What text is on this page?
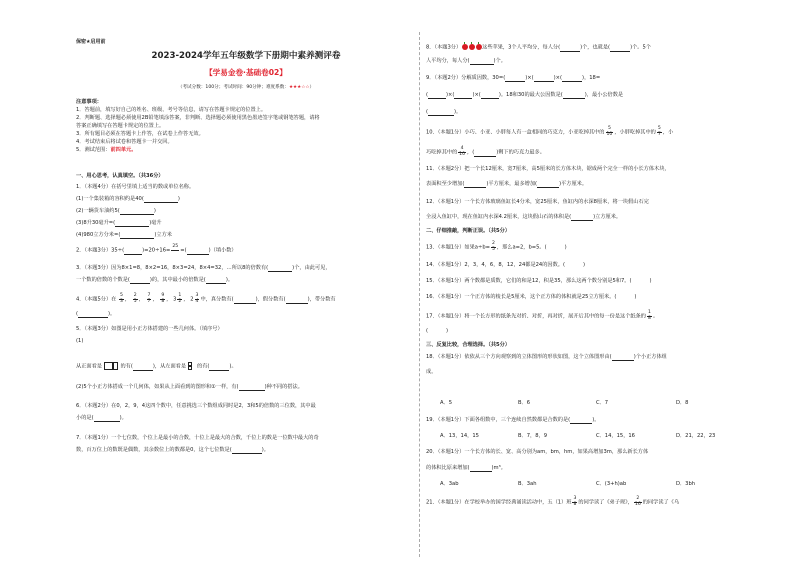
保密★启用前
2023-2024学年五年级数学下册期中素养测评卷
【学易金卷·基础卷02】
（考试分数：100分；考试时间：90分钟；难度系数：★★★☆☆）
注意事项：
1．答题前，填写好自己的姓名、班级、考号等信息，请写在答题卡规定的位置上。
2．判断题、选择题必须使用2B铅笔填涂答案，非判断、选择题必须使用黑色墨迹签字笔或钢笔答题，请将
答案正确填写在答题卡规定的位置上。
3．所有题目必须在答题卡上作答，在试卷上作答无效。
4．考试结束后将试卷和答题卡一并交回。
5．测试范围：前四单元。
一、用心思考，认真填空。（共36分）
1．（本题4分）在括号里填上适当的数或单位名称。
(1)一个集装箱的容积约是40(	)
(2)一辆货车油约5(	)
(3)8升30毫升=(	)毫升
(4)980立方分米=(	)立方米
2．（本题3分）35÷(	)=20÷16=
25
=(	)（填小数）
3．（本题3分）因为8×1=8，8×2=16，8×3=24，8×4=32，…所以8的倍数有(	)个，由此可见，
一个数的倍数的个数是(	)的，其中最小的倍数是(	)。
4．（本题5分）在 $\frac{5}{3}$ ， $\frac{2}{5}$ ， $\frac{7}{7}$ ， $\frac{9}{8}$ ， $3 \frac{1}{2}$ ， $2 \frac{3}{4}$ 中，真分数有(	)，假分数有(	)，带分数有
(	)。
5．（本题3分）如图是用小正方体搭建的一些几何体。（填序号）
(1)
从正面看是	的有(	)，从左面看是 的有(	)。
(2)5个小正方体搭成一个几何体，如果从上面看到的图形和①一样，有(	)种不同的搭法。
6．（本题2分）在0，2，9，4这四个数中，任意挑选三个数组成同时是2，3和5的倍数的三位数，其中最
小的是(	)。
7．（本题1分）一个七位数，个位上是最小的合数，十位上是最大的合数，千位上的数是一位数中最大的奇
数，百万位上的数既是偶数，其余数位上的数都是0，这个七位数是(	)。
8．（本题3分）	这些苹果，3个人平均分，每人分(	)个，也就是(	)个。5个
人平均分，每人分(	)个。
9．（本题2分）分解质因数，30=(	)×(	)×(	)，18=
(	)×(	)×(	)。18和30的最大公因数是(	)，最小公倍数是
(	)。
10．（本题1分）小巧、小亚、小胖每人有一盒相同的巧克力，小亚吃掉其中的 $\frac{5}{10}$ ，小胖吃掉其中的 $\frac{5}{7}$ ，小
巧吃掉其中的 $\frac{4}{10}$ ，(	)剩下的巧克力最多。
11．（本题2分）把一个长12厘米，宽7厘米，高5厘米的长方体木块，锯成两个完全一样的小长方体木块，
表面积至少增加(	)平方厘米，最多增加(	)平方厘米。
12．（本题1分）一个长方体玻璃鱼缸长4分米，宽25厘米，鱼缸内的水深8厘米，将一块假山石完
全浸入鱼缸中，现在鱼缸内水深4.2厘米，这块假山石的体积是(	)立方厘米。
二、仔细推敲，判断正误。（共5分）
13．（本题1分）如果$a\div b= \frac{2}{5}$ ，那么a=2，b=5。(	)
14．（本题1分）2，3，4，6，8，12，24都是24的因数。(	)
15．（本题1分）两个数都是质数，它们的和是12，积是35，那么这两个数分别是5和7。(	)
16．（本题1分）一个正方体的棱长是5厘米，这个正方体的体积就是25立方厘米。(	)
17．（本题1分）将一个长方形的纸条先对折、对折，再对折，展开后其中的每一份是这个纸条的 $\frac{1}{8}$ 。
(	)
三、反复比较，合理选择。（共5分）
18．（本题1分）依依从三个方向观察到的立体图形的形状如图，这个立体图形由(	)个小正方体组
成。
A．5	B．6	C．7	D．8
19．（本题1分）下面各组数中，三个连续自然数都是合数的是(	)。
A．13，14，15	B．7，8，9	C．14，15，16	D．21，22，23
20．（本题1分）一个长方体的长、宽、高分别为am，bm，hm，如果高增加3m，那么新长方体
的体积比原来增加(	)m³。
A．3ab	B．3ah	C．(3+h)ab	D．3bh
21．（本题1分）在学校举办的国学经典诵读活动中，五（1）班 $\frac{3}{8}$ 的同学读了《弟子规》， $\frac{2}{16}$ 的同学读了《乌
